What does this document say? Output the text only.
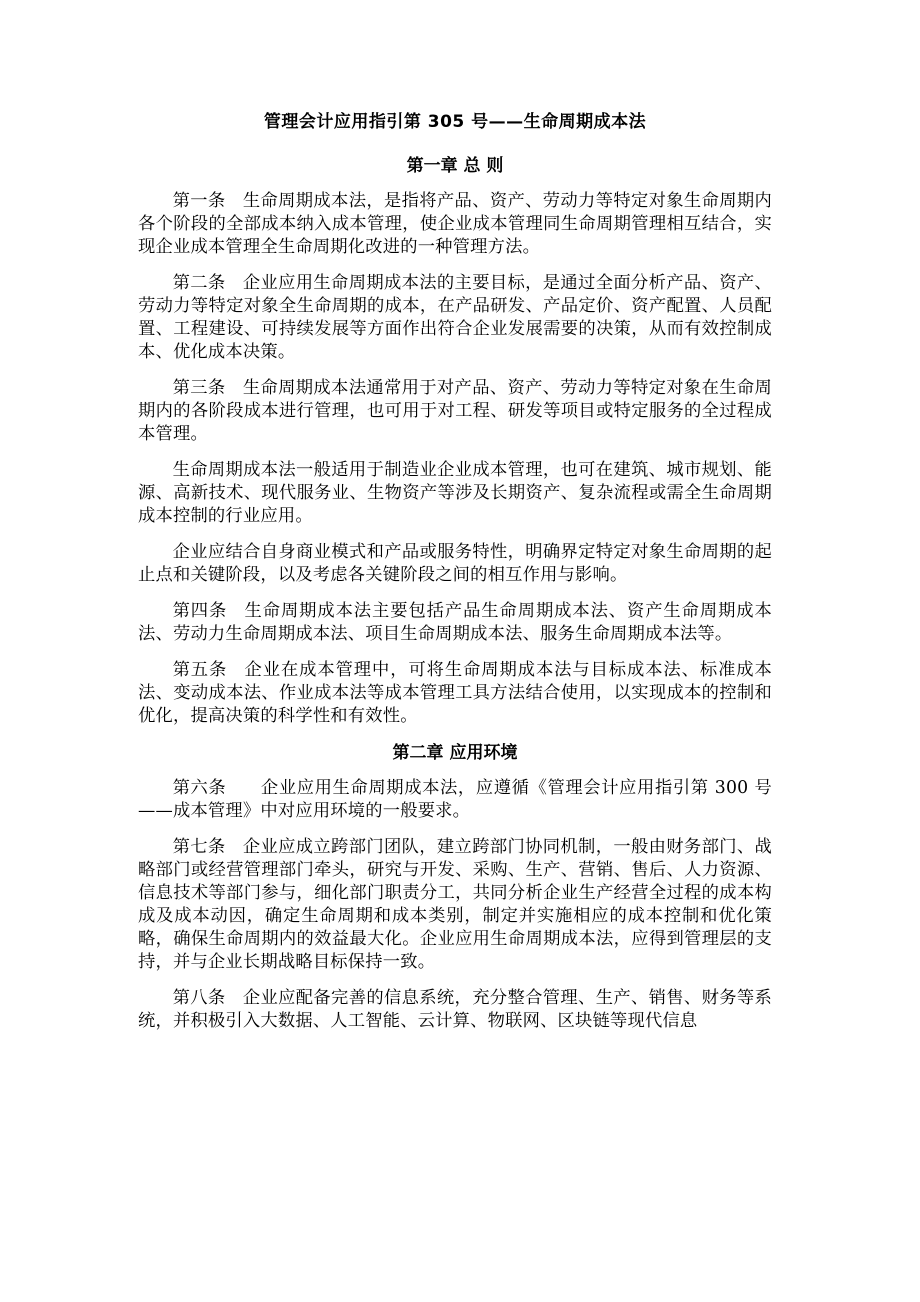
管理会计应用指引第 305 号——生命周期成本法
第一章 总 则

第一条 生命周期成本法，是指将产品、资产、劳动力等特定对象生命周期内各个阶段的全部成本纳入成本管理，使企业成本管理同生命周期管理相互结合，实现企业成本管理全生命周期化改进的一种管理方法。

第二条 企业应用生命周期成本法的主要目标，是通过全面分析产品、资产、劳动力等特定对象全生命周期的成本，在产品研发、产品定价、资产配置、人员配置、工程建设、可持续发展等方面作出符合企业发展需要的决策，从而有效控制成本、优化成本决策。

第三条 生命周期成本法通常用于对产品、资产、劳动力等特定对象在生命周期内的各阶段成本进行管理，也可用于对工程、研发等项目或特定服务的全过程成本管理。

生命周期成本法一般适用于制造业企业成本管理，也可在建筑、城市规划、能源、高新技术、现代服务业、生物资产等涉及长期资产、复杂流程或需全生命周期成本控制的行业应用。

企业应结合自身商业模式和产品或服务特性，明确界定特定对象生命周期的起止点和关键阶段，以及考虑各关键阶段之间的相互作用与影响。

第四条 生命周期成本法主要包括产品生命周期成本法、资产生命周期成本法、劳动力生命周期成本法、项目生命周期成本法、服务生命周期成本法等。

第五条 企业在成本管理中，可将生命周期成本法与目标成本法、标准成本法、变动成本法、作业成本法等成本管理工具方法结合使用，以实现成本的控制和优化，提高决策的科学性和有效性。

第二章 应用环境

第六条 企业应用生命周期成本法，应遵循《管理会计应用指引第 300 号——成本管理》中对应用环境的一般要求。

第七条 企业应成立跨部门团队，建立跨部门协同机制，一般由财务部门、战略部门或经营管理部门牵头，研究与开发、采购、生产、营销、售后、人力资源、信息技术等部门参与，细化部门职责分工，共同分析企业生产经营全过程的成本构成及成本动因，确定生命周期和成本类别，制定并实施相应的成本控制和优化策略，确保生命周期内的效益最大化。企业应用生命周期成本法，应得到管理层的支持，并与企业长期战略目标保持一致。

第八条 企业应配备完善的信息系统，充分整合管理、生产、销售、财务等系统，并积极引入大数据、人工智能、云计算、物联网、区块链等现代信息
